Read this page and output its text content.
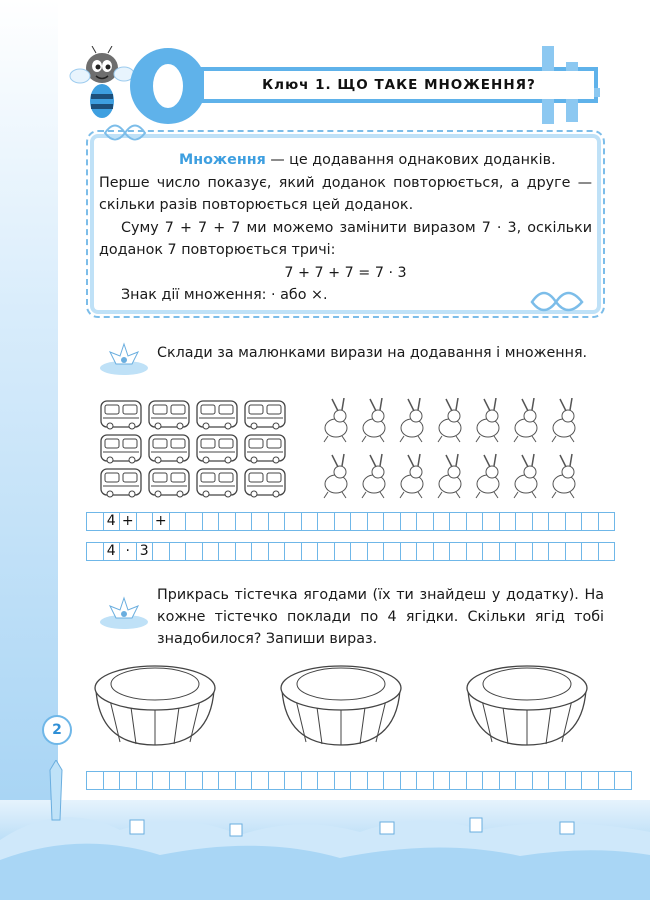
Ключ 1. ЩО ТАКЕ МНОЖЕННЯ?

Множення — це додавання однакових доданків.

Перше число показує, який доданок повторюється, а друге — скільки разів повторюється цей доданок.

Суму 7 + 7 + 7 ми можемо замінити виразом 7 · 3, оскільки доданок 7 повторюється тричі:

7 + 7 + 7 = 7 · 3

Знак дії множення: · або ×.

Склади за малюнками вирази на додавання і множення.
4 + +
4 · 3
Прикрась тістечка ягодами (їх ти знайдеш у додатку). На кожне тістечко поклади по 4 ягідки. Скільки ягід тобі знадобилося? Запиши вираз.
2
